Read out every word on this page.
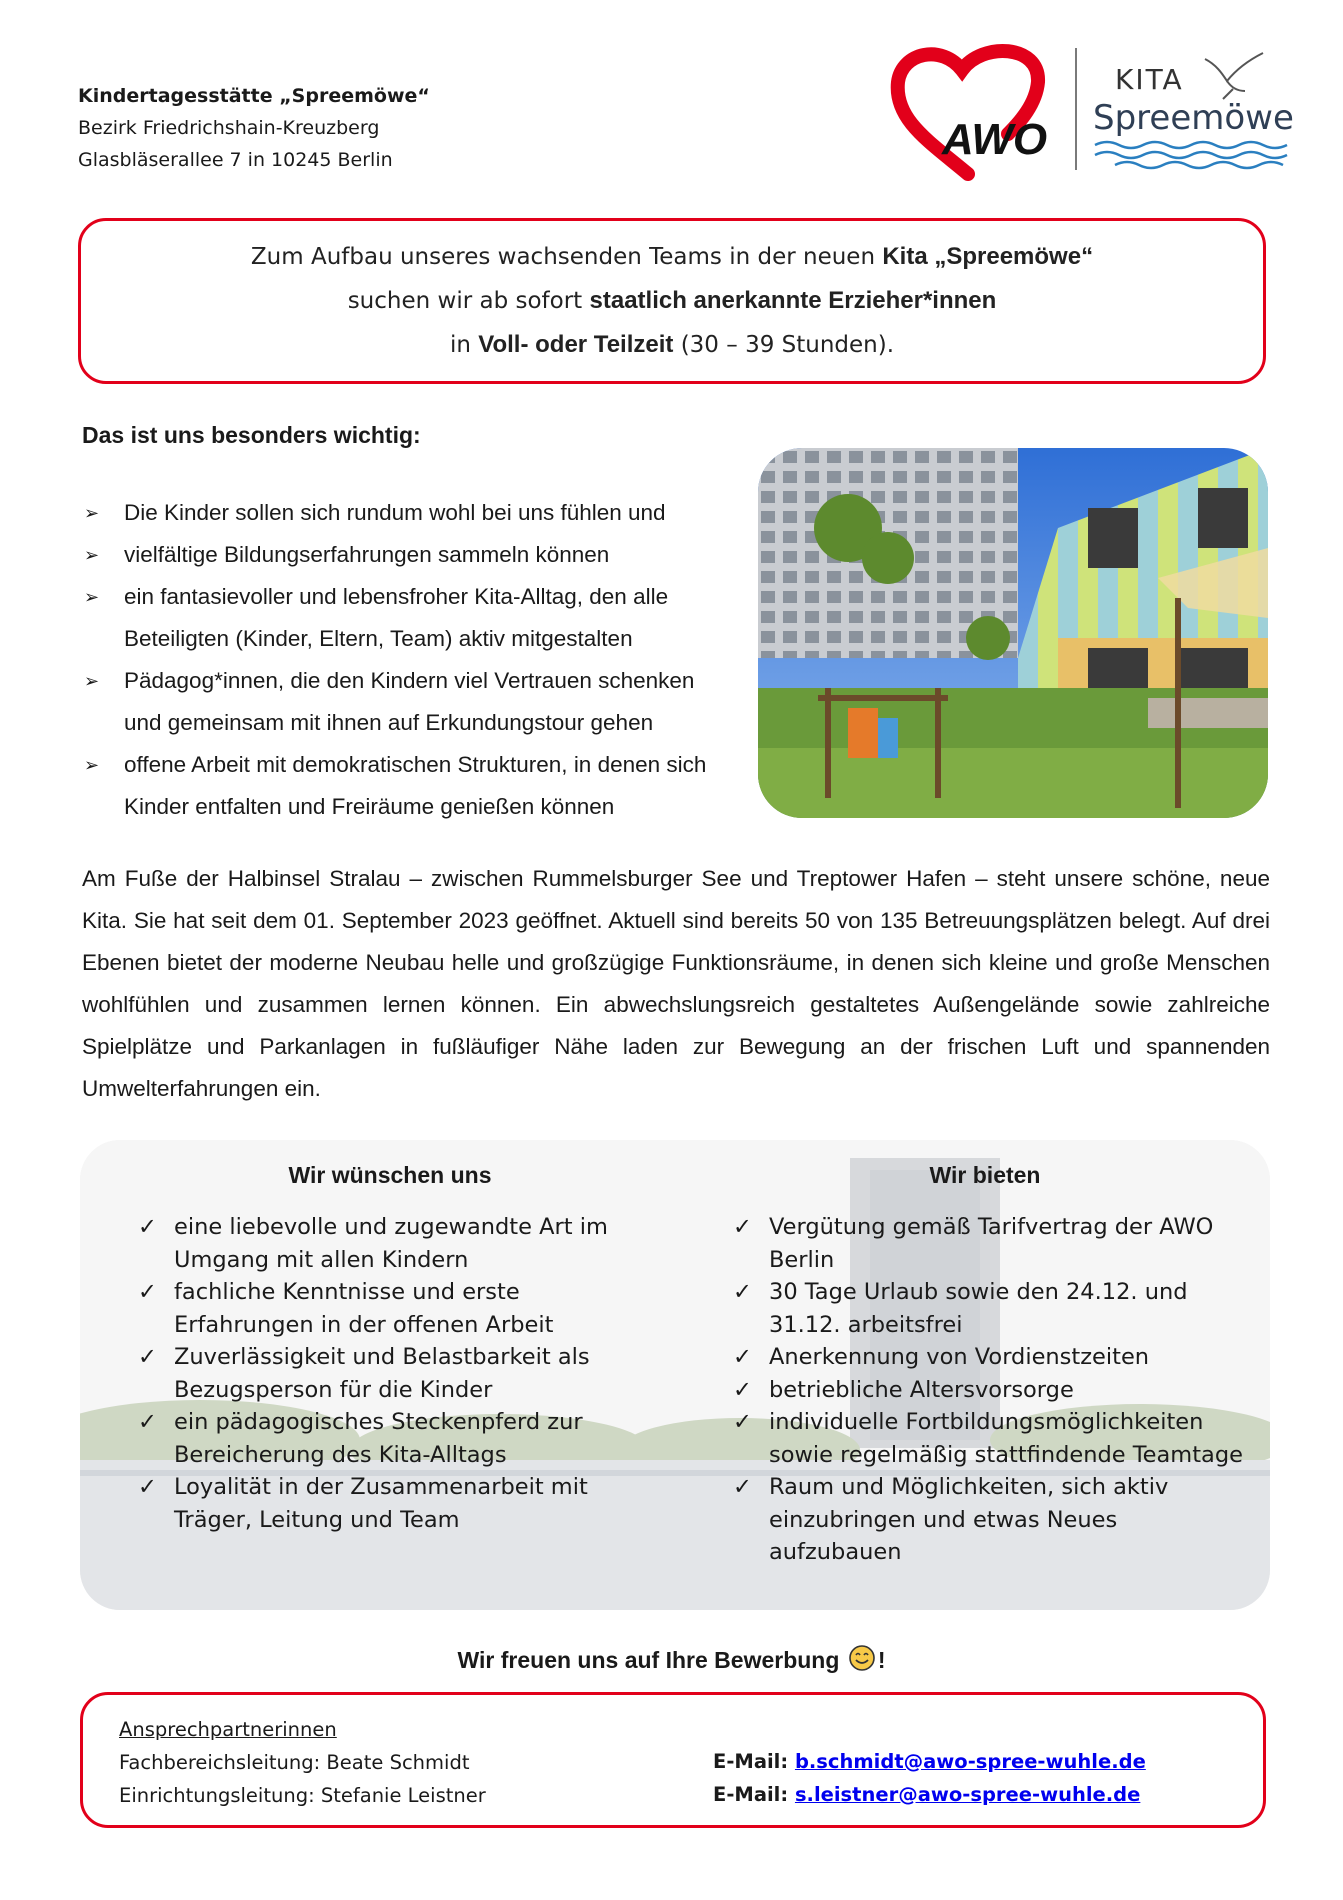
Kindertagesstätte „Spreemöwe“
Bezirk Friedrichshain-Kreuzberg
Glasbläserallee 7 in 10245 Berlin	AWO
KITA
Spreemöwe
Zum Aufbau unseres wachsenden Teams in der neuen Kita „Spreemöwe“
suchen wir ab sofort staatlich anerkannte Erzieher*innen
in Voll- oder Teilzeit (30 – 39 Stunden).
Das ist uns besonders wichtig:
➢ Die Kinder sollen sich rundum wohl bei uns fühlen und
➢ vielfältige Bildungserfahrungen sammeln können
➢ ein fantasievoller und lebensfroher Kita-Alltag, den alle Beteiligten (Kinder, Eltern, Team) aktiv mitgestalten
➢ Pädagog*innen, die den Kindern viel Vertrauen schenken und gemeinsam mit ihnen auf Erkundungstour gehen
➢ offene Arbeit mit demokratischen Strukturen, in denen sich Kinder entfalten und Freiräume genießen können

Am Fuße der Halbinsel Stralau – zwischen Rummelsburger See und Treptower Hafen – steht unsere schöne, neue Kita. Sie hat seit dem 01. September 2023 geöffnet. Aktuell sind bereits 50 von 135 Betreuungsplätzen belegt. Auf drei Ebenen bietet der moderne Neubau helle und großzügige Funktionsräume, in denen sich kleine und große Menschen wohlfühlen und zusammen lernen können. Ein abwechslungsreich gestaltetes Außengelände sowie zahlreiche Spielplätze und Parkanlagen in fußläufiger Nähe laden zur Bewegung an der frischen Luft und spannenden Umwelterfahrungen ein.

Wir wünschen uns
✓ eine liebevolle und zugewandte Art im Umgang mit allen Kindern
✓ fachliche Kenntnisse und erste Erfahrungen in der offenen Arbeit
✓ Zuverlässigkeit und Belastbarkeit als Bezugsperson für die Kinder
✓ ein pädagogisches Steckenpferd zur Bereicherung des Kita-Alltags
✓ Loyalität in der Zusammenarbeit mit Träger, Leitung und Team
Wir bieten
✓ Vergütung gemäß Tarifvertrag der AWO Berlin
✓ 30 Tage Urlaub sowie den 24.12. und 31.12. arbeitsfrei
✓ Anerkennung von Vordienstzeiten
✓ betriebliche Altersvorsorge
✓ individuelle Fortbildungsmöglichkeiten sowie regelmäßig stattfindende Teamtage
✓ Raum und Möglichkeiten, sich aktiv einzubringen und etwas Neues aufzubauen
Wir freuen uns auf Ihre Bewerbung !
Ansprechpartnerinnen
Fachbereichsleitung: Beate Schmidt
Einrichtungsleitung: Stefanie Leistner
E-Mail: b.schmidt@awo-spree-wuhle.de
E-Mail: s.leistner@awo-spree-wuhle.de
